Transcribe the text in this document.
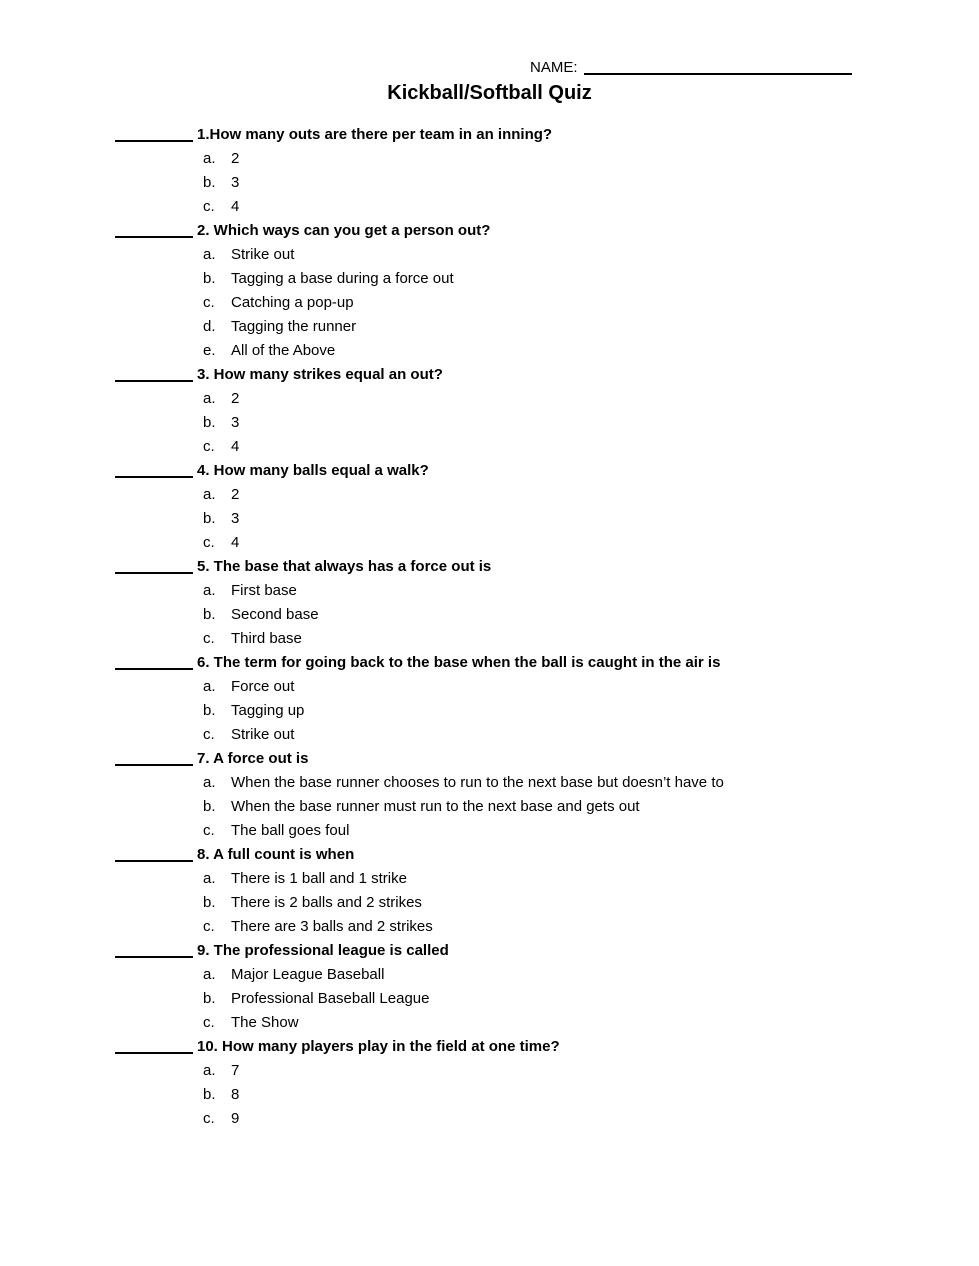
NAME:
Kickball/Softball Quiz
1.How many outs are there per team in an inning?
a. 2
b. 3
c. 4
2. Which ways can you get a person out?
a. Strike out
b. Tagging a base during a force out
c. Catching a pop-up
d. Tagging the runner
e. All of the Above
3. How many strikes equal an out?
a. 2
b. 3
c. 4
4. How many balls equal a walk?
a. 2
b. 3
c. 4
5. The base that always has a force out is
a. First base
b. Second base
c. Third base
6. The term for going back to the base when the ball is caught in the air is
a. Force out
b. Tagging up
c. Strike out
7. A force out is
a. When the base runner chooses to run to the next base but doesn’t have to
b. When the base runner must run to the next base and gets out
c. The ball goes foul
8. A full count is when
a. There is 1 ball and 1 strike
b. There is 2 balls and 2 strikes
c. There are 3 balls and 2 strikes
9. The professional league is called
a. Major League Baseball
b. Professional Baseball League
c. The Show
10. How many players play in the field at one time?
a. 7
b. 8
c. 9
